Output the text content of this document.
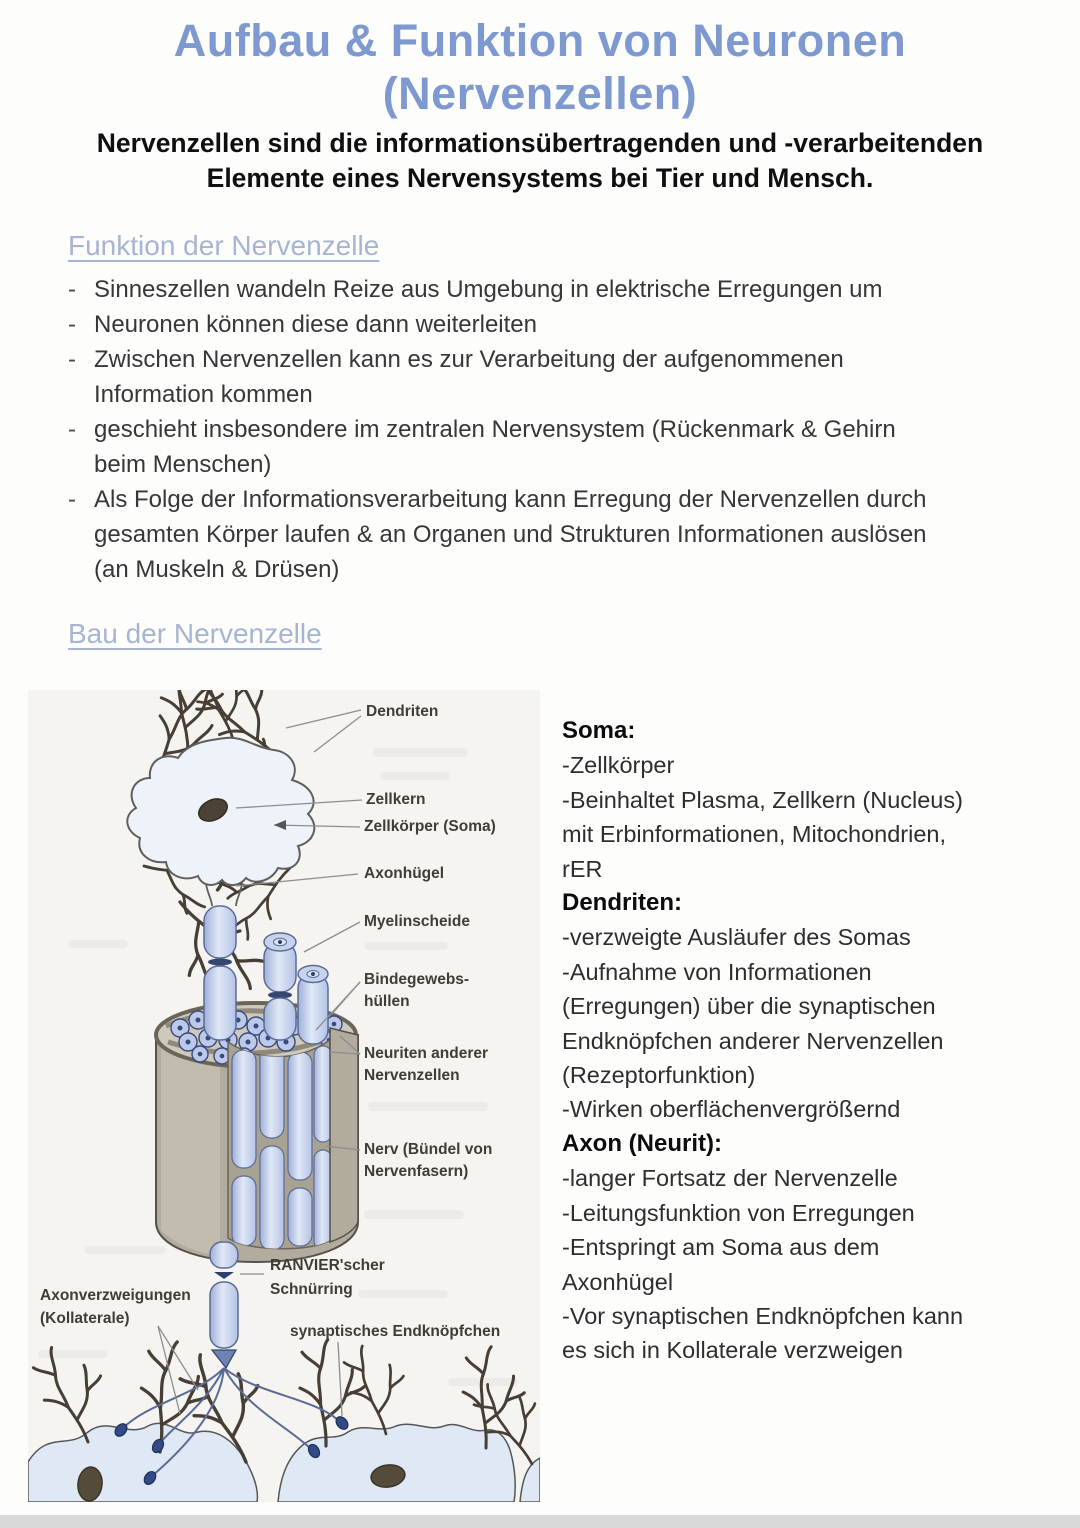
Aufbau & Funktion von Neuronen
(Nervenzellen)
Nervenzellen sind die informationsübertragenden und -verarbeitenden
Elemente eines Nervensystems bei Tier und Mensch.
Funktion der Nervenzelle
- Sinneszellen wandeln Reize aus Umgebung in elektrische Erregungen um
- Neuronen können diese dann weiterleiten
- Zwischen Nervenzellen kann es zur Verarbeitung der aufgenommenen
Information kommen
- geschieht insbesondere im zentralen Nervensystem (Rückenmark & Gehirn
beim Menschen)
- Als Folge der Informationsverarbeitung kann Erregung der Nervenzellen durch
gesamten Körper laufen & an Organen und Strukturen Informationen auslösen
(an Muskeln & Drüsen)
Bau der Nervenzelle
Dendriten
Zellkern
Zellkörper (Soma)
Axonhügel
Myelinscheide
Bindegewebs-
hüllen
Neuriten anderer
Nervenzellen
Nerv (Bündel von
Nervenfasern)
RANVIER'scher
Schnürring
synaptisches Endknöpfchen
Axonverzweigungen
(Kollaterale)
Soma:
-Zellkörper
-Beinhaltet Plasma, Zellkern (Nucleus)
mit Erbinformationen, Mitochondrien,
rER
Dendriten:
-verzweigte Ausläufer des Somas
-Aufnahme von Informationen
(Erregungen) über die synaptischen
Endknöpfchen anderer Nervenzellen
(Rezeptorfunktion)
-Wirken oberflächenvergrößernd
Axon (Neurit):
-langer Fortsatz der Nervenzelle
-Leitungsfunktion von Erregungen
-Entspringt am Soma aus dem
Axonhügel
-Vor synaptischen Endknöpfchen kann
es sich in Kollaterale verzweigen
